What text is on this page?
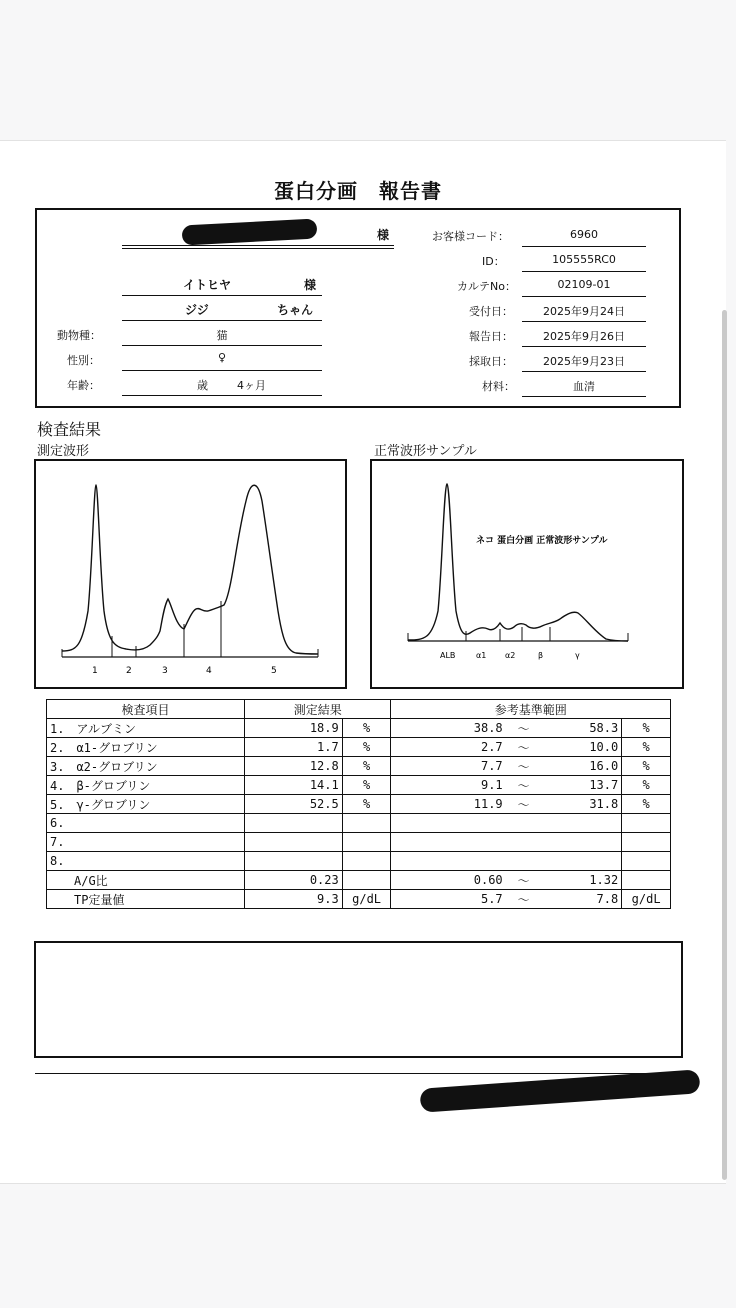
蛋白分画　報告書
様
イトヒヤ	様
ジジ	ちゃん
動物種：	猫
性別：	♀
年齢：	歳	4ヶ月
お客様コード：	6960
ID：	105555RC0
カルテNo：	02109-01
受付日：	2025年9月24日
報告日：	2025年9月26日
採取日：	2025年9月23日
材料：	血清
検査結果
測定波形	正常波形サンプル
1	2	3	4	5
ネコ 蛋白分画 正常波形サンプル
ALB	α1 α2	β	γ
検査項目	測定結果		参考基準範囲			
1.　アルブミン	18.9	%	38.8	～	58.3	%
2.　α1-グロブリン	1.7	%	2.7	～	10.0	%
3.　α2-グロブリン	12.8	%	7.7	～	16.0	%
4.　β-グロブリン	14.1	%	9.1	～	13.7	%
5.　γ-グロブリン	52.5	%	11.9	～	31.8	%
6.						
7.						
8.						
　　A/G比	0.23		0.60	～	1.32	
　　TP定量値	9.3	g/dL	5.7	～	7.8	g/dL
